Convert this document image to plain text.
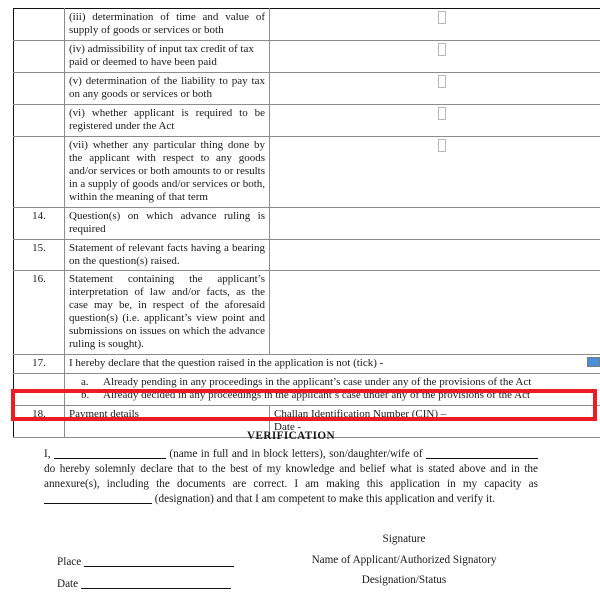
	(iii) determination of time and value of supply of goods or services or both	
	(iv) admissibility of input tax credit of tax paid or deemed to have been paid	
	(v) determination of the liability to pay tax on any goods or services or both	
	(vi) whether applicant is required to be registered under the Act	
	(vii) whether any particular thing done by the applicant with respect to any goods and/or services or both amounts to or results in a supply of goods and/or services or both, within the meaning of that term	
14.	Question(s) on which advance ruling is required	
15.	Statement of relevant facts having a bearing on the question(s) raised.	
16.	Statement containing the applicant’s interpretation of law and/or facts, as the case may be, in respect of the aforesaid question(s) (i.e. applicant’s view point and submissions on issues on which the advance ruling is sought).	
17.	I hereby declare that the question raised in the application is not (tick) -	

	a. Already pending in any proceedings in the applicant’s case under any of the provisions of the Act
b. Already decided in any proceedings in the applicant’s case under any of the provisions of the Act	

18.	Payment details	Challan Identification Number (CIN) –
Date -
VERIFICATION
I,	(name in full and in block letters), son/daughter/wife of  do hereby solemnly declare that to the best of my knowledge and belief what is stated above and in the annexure(s), including the documents are correct. I am making this application in my capacity as  (designation) and that I am competent to make this application and verify it.
Signature
Name of Applicant/Authorized Signatory
Designation/Status
Place
Date
